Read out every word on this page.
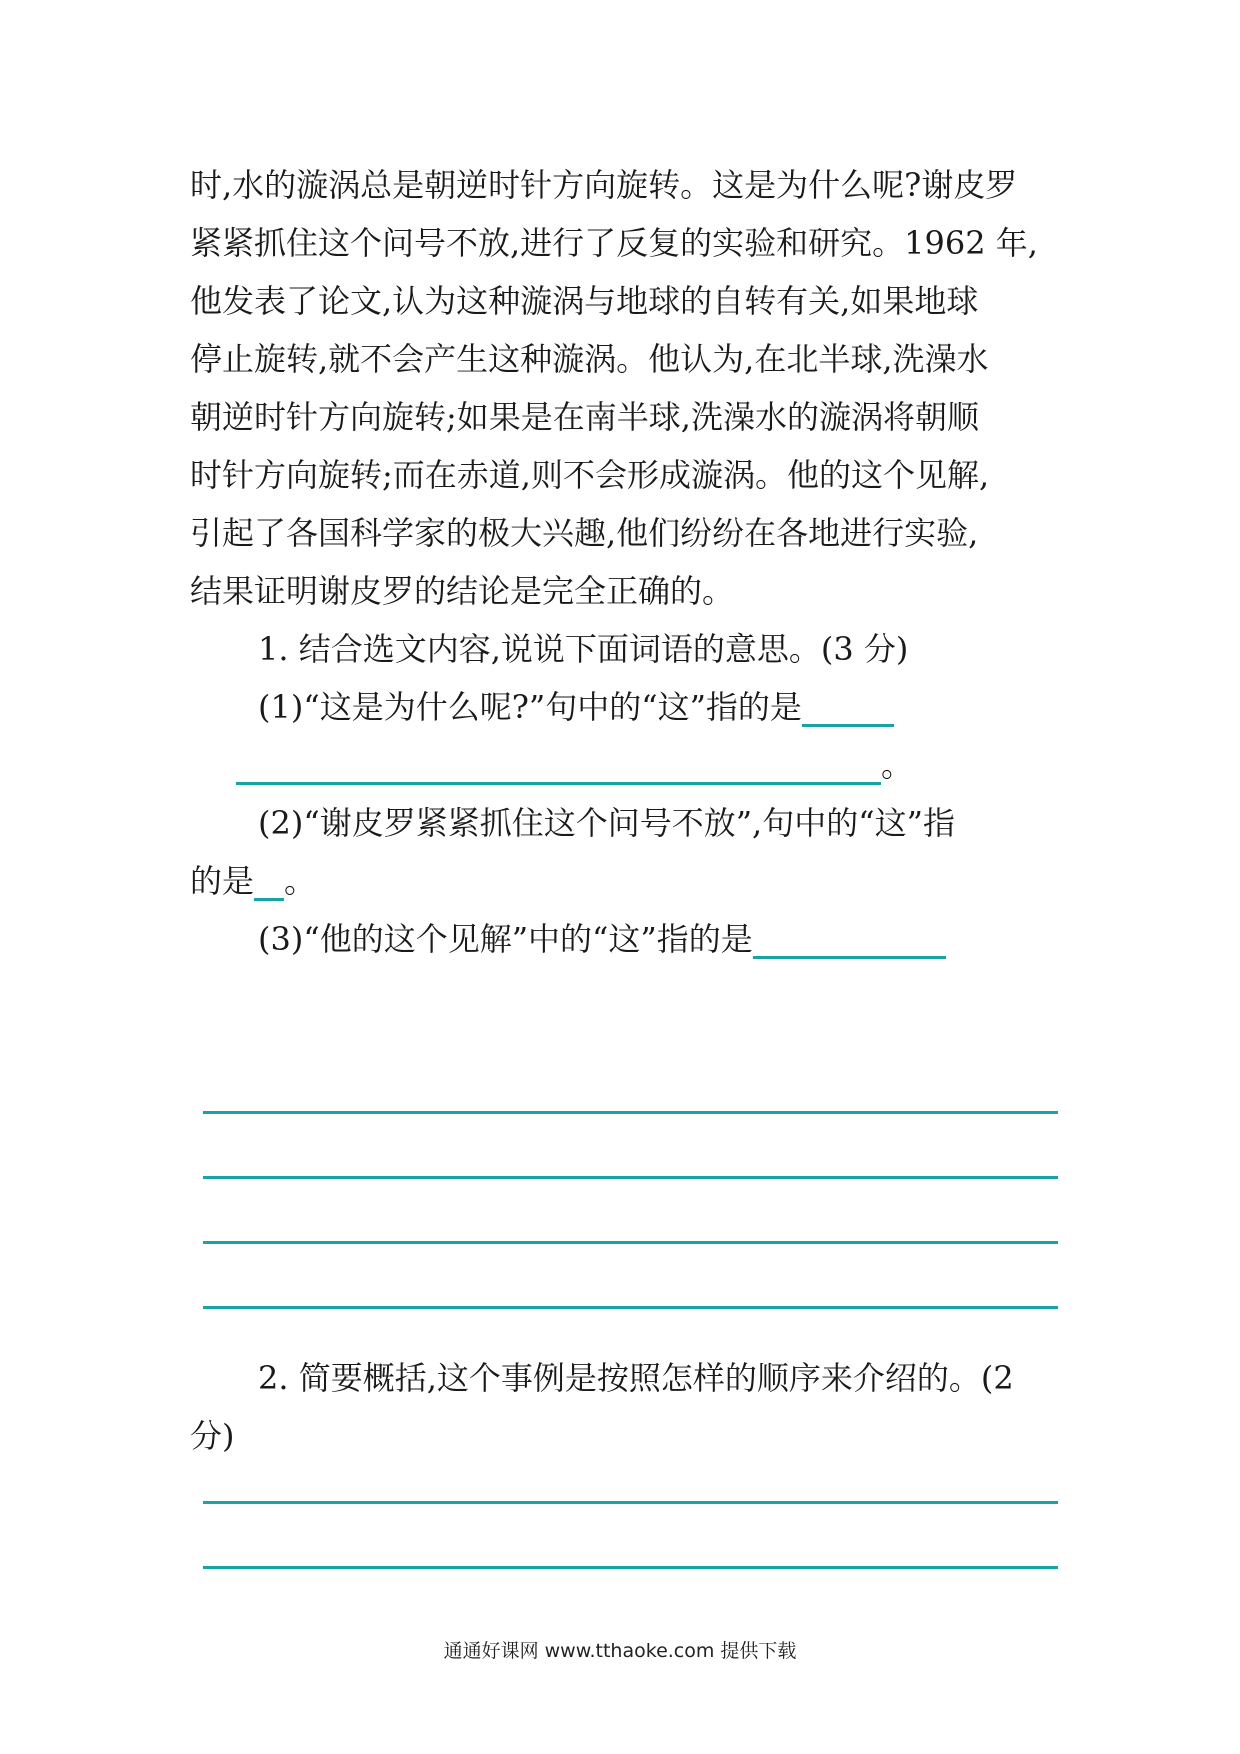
时,水的漩涡总是朝逆时针方向旋转。这是为什么呢?谢皮罗
紧紧抓住这个问号不放,进行了反复的实验和研究。1962 年,
他发表了论文,认为这种漩涡与地球的自转有关,如果地球
停止旋转,就不会产生这种漩涡。他认为,在北半球,洗澡水
朝逆时针方向旋转;如果是在南半球,洗澡水的漩涡将朝顺
时针方向旋转;而在赤道,则不会形成漩涡。他的这个见解,
引起了各国科学家的极大兴趣,他们纷纷在各地进行实验,
结果证明谢皮罗的结论是完全正确的。
1. 结合选文内容,说说下面词语的意思。(3 分)
(1)“这是为什么呢?”句中的“这”指的是
。
(2)“谢皮罗紧紧抓住这个问号不放”,句中的“这”指
的是 。
(3)“他的这个见解”中的“这”指的是
2. 简要概括,这个事例是按照怎样的顺序来介绍的。(2
分)
通通好课网 www.tthaoke.com 提供下载
